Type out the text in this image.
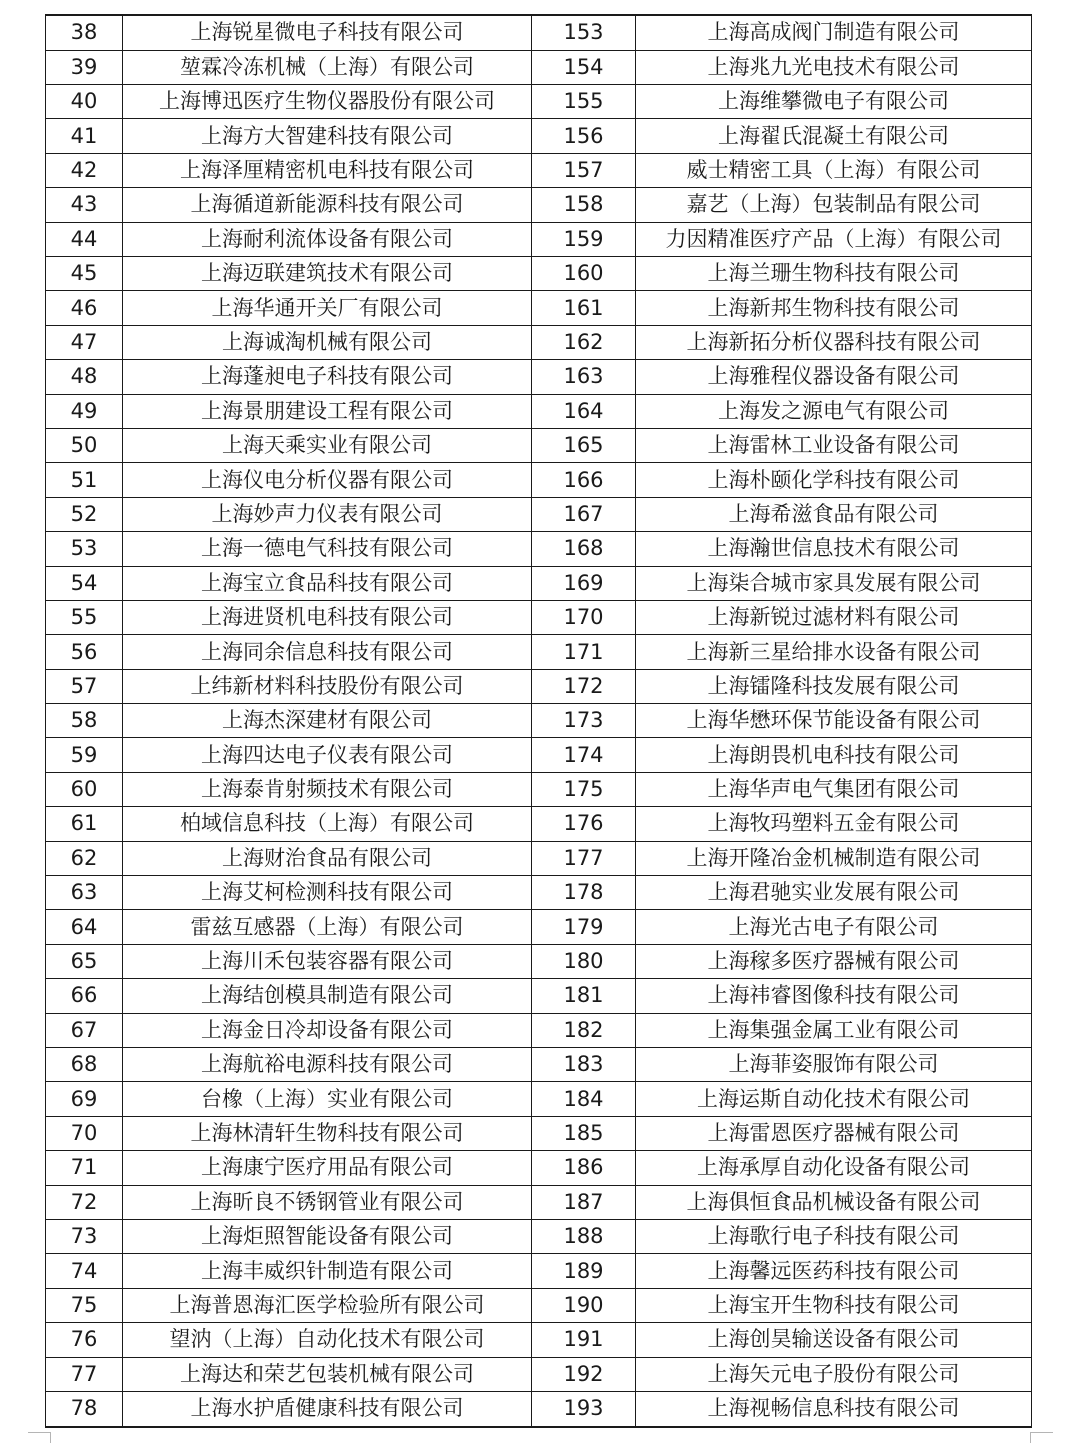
38	上海锐星微电子科技有限公司	153	上海高成阀门制造有限公司
39	堃霖冷冻机械（上海）有限公司	154	上海兆九光电技术有限公司
40	上海博迅医疗生物仪器股份有限公司	155	上海维攀微电子有限公司
41	上海方大智建科技有限公司	156	上海翟氏混凝土有限公司
42	上海泽厘精密机电科技有限公司	157	威士精密工具（上海）有限公司
43	上海循道新能源科技有限公司	158	嘉艺（上海）包装制品有限公司
44	上海耐利流体设备有限公司	159	力因精准医疗产品（上海）有限公司
45	上海迈联建筑技术有限公司	160	上海兰珊生物科技有限公司
46	上海华通开关厂有限公司	161	上海新邦生物科技有限公司
47	上海诚淘机械有限公司	162	上海新拓分析仪器科技有限公司
48	上海蓬昶电子科技有限公司	163	上海雅程仪器设备有限公司
49	上海景朋建设工程有限公司	164	上海发之源电气有限公司
50	上海天乘实业有限公司	165	上海雷林工业设备有限公司
51	上海仪电分析仪器有限公司	166	上海朴颐化学科技有限公司
52	上海妙声力仪表有限公司	167	上海希滋食品有限公司
53	上海一德电气科技有限公司	168	上海瀚世信息技术有限公司
54	上海宝立食品科技有限公司	169	上海柒合城市家具发展有限公司
55	上海进贤机电科技有限公司	170	上海新锐过滤材料有限公司
56	上海同余信息科技有限公司	171	上海新三星给排水设备有限公司
57	上纬新材料科技股份有限公司	172	上海镭隆科技发展有限公司
58	上海杰深建材有限公司	173	上海华懋环保节能设备有限公司
59	上海四达电子仪表有限公司	174	上海朗畏机电科技有限公司
60	上海泰肯射频技术有限公司	175	上海华声电气集团有限公司
61	柏域信息科技（上海）有限公司	176	上海牧玛塑料五金有限公司
62	上海财治食品有限公司	177	上海开隆冶金机械制造有限公司
63	上海艾柯检测科技有限公司	178	上海君驰实业发展有限公司
64	雷兹互感器（上海）有限公司	179	上海光古电子有限公司
65	上海川禾包装容器有限公司	180	上海稼多医疗器械有限公司
66	上海结创模具制造有限公司	181	上海祎睿图像科技有限公司
67	上海金日冷却设备有限公司	182	上海集强金属工业有限公司
68	上海航裕电源科技有限公司	183	上海菲姿服饰有限公司
69	台橡（上海）实业有限公司	184	上海运斯自动化技术有限公司
70	上海林清轩生物科技有限公司	185	上海雷恩医疗器械有限公司
71	上海康宁医疗用品有限公司	186	上海承厚自动化设备有限公司
72	上海昕良不锈钢管业有限公司	187	上海俱恒食品机械设备有限公司
73	上海炬照智能设备有限公司	188	上海歌行电子科技有限公司
74	上海丰威织针制造有限公司	189	上海馨远医药科技有限公司
75	上海普恩海汇医学检验所有限公司	190	上海宝开生物科技有限公司
76	望汭（上海）自动化技术有限公司	191	上海创昊输送设备有限公司
77	上海达和荣艺包装机械有限公司	192	上海矢元电子股份有限公司
78	上海水护盾健康科技有限公司	193	上海视畅信息科技有限公司
